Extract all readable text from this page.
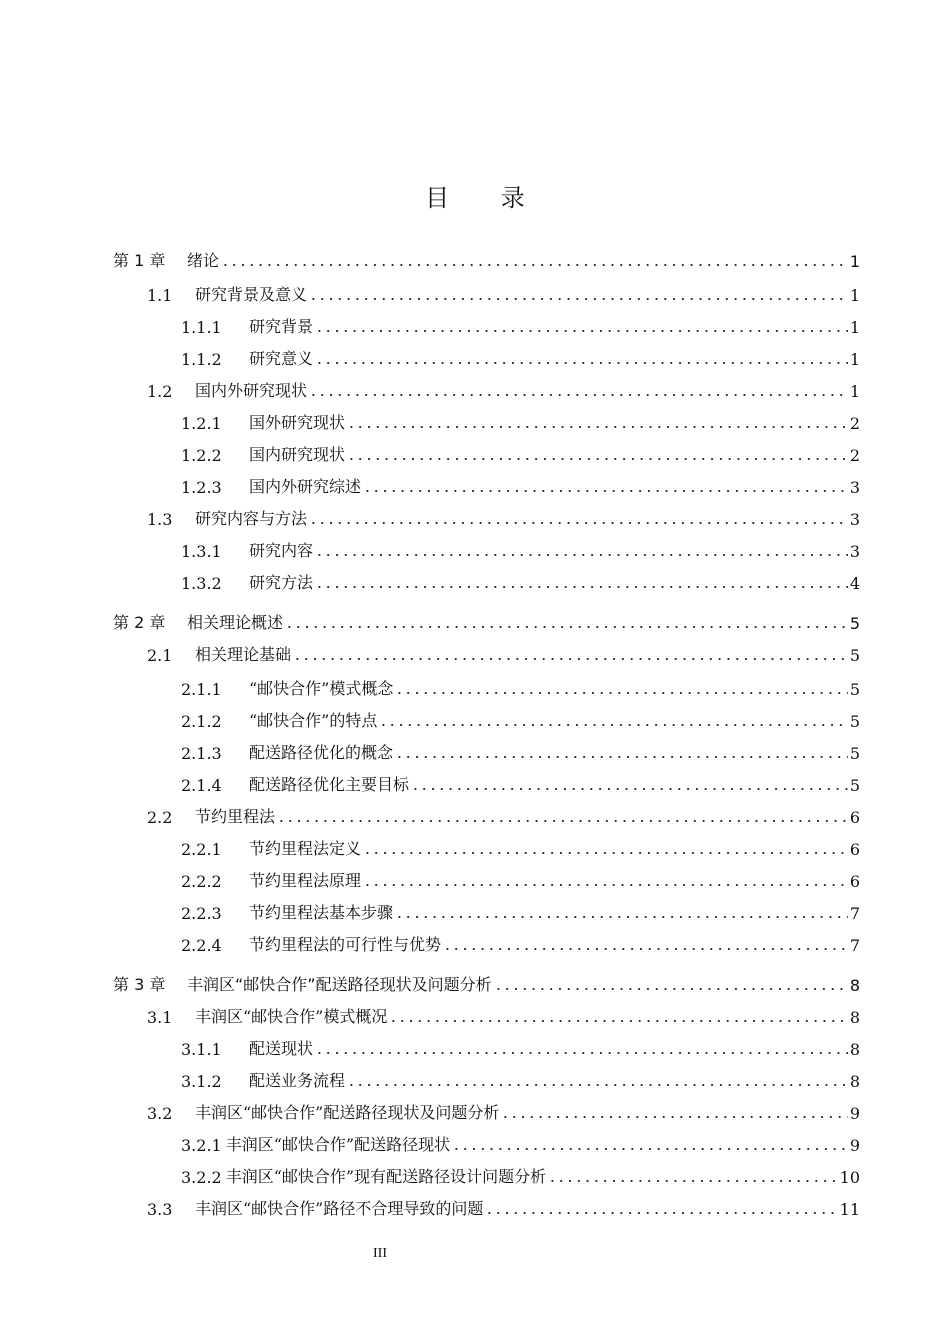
目 录
第 1 章	绪论	1
1.1	研究背景及意义	1
1.1.1	研究背景	1
1.1.2	研究意义	1
1.2	国内外研究现状	1
1.2.1	国外研究现状	2
1.2.2	国内研究现状	2
1.2.3	国内外研究综述	3
1.3	研究内容与方法	3
1.3.1	研究内容	3
1.3.2	研究方法	4
第 2 章	相关理论概述	5
2.1	相关理论基础	5
2.1.1	“邮快合作”模式概念	5
2.1.2	“邮快合作”的特点	5
2.1.3	配送路径优化的概念	5
2.1.4	配送路径优化主要目标	5
2.2	节约里程法	6
2.2.1	节约里程法定义	6
2.2.2	节约里程法原理	6
2.2.3	节约里程法基本步骤	7
2.2.4	节约里程法的可行性与优势	7
第 3 章	丰润区“邮快合作”配送路径现状及问题分析	8
3.1	丰润区“邮快合作”模式概况	8
3.1.1	配送现状	8
3.1.2	配送业务流程	8
3.2	丰润区“邮快合作”配送路径现状及问题分析	9
3.2.1 丰润区“邮快合作”配送路径现状	9
3.2.2 丰润区“邮快合作”现有配送路径设计问题分析	10
3.3	丰润区“邮快合作”路径不合理导致的问题	11
III
